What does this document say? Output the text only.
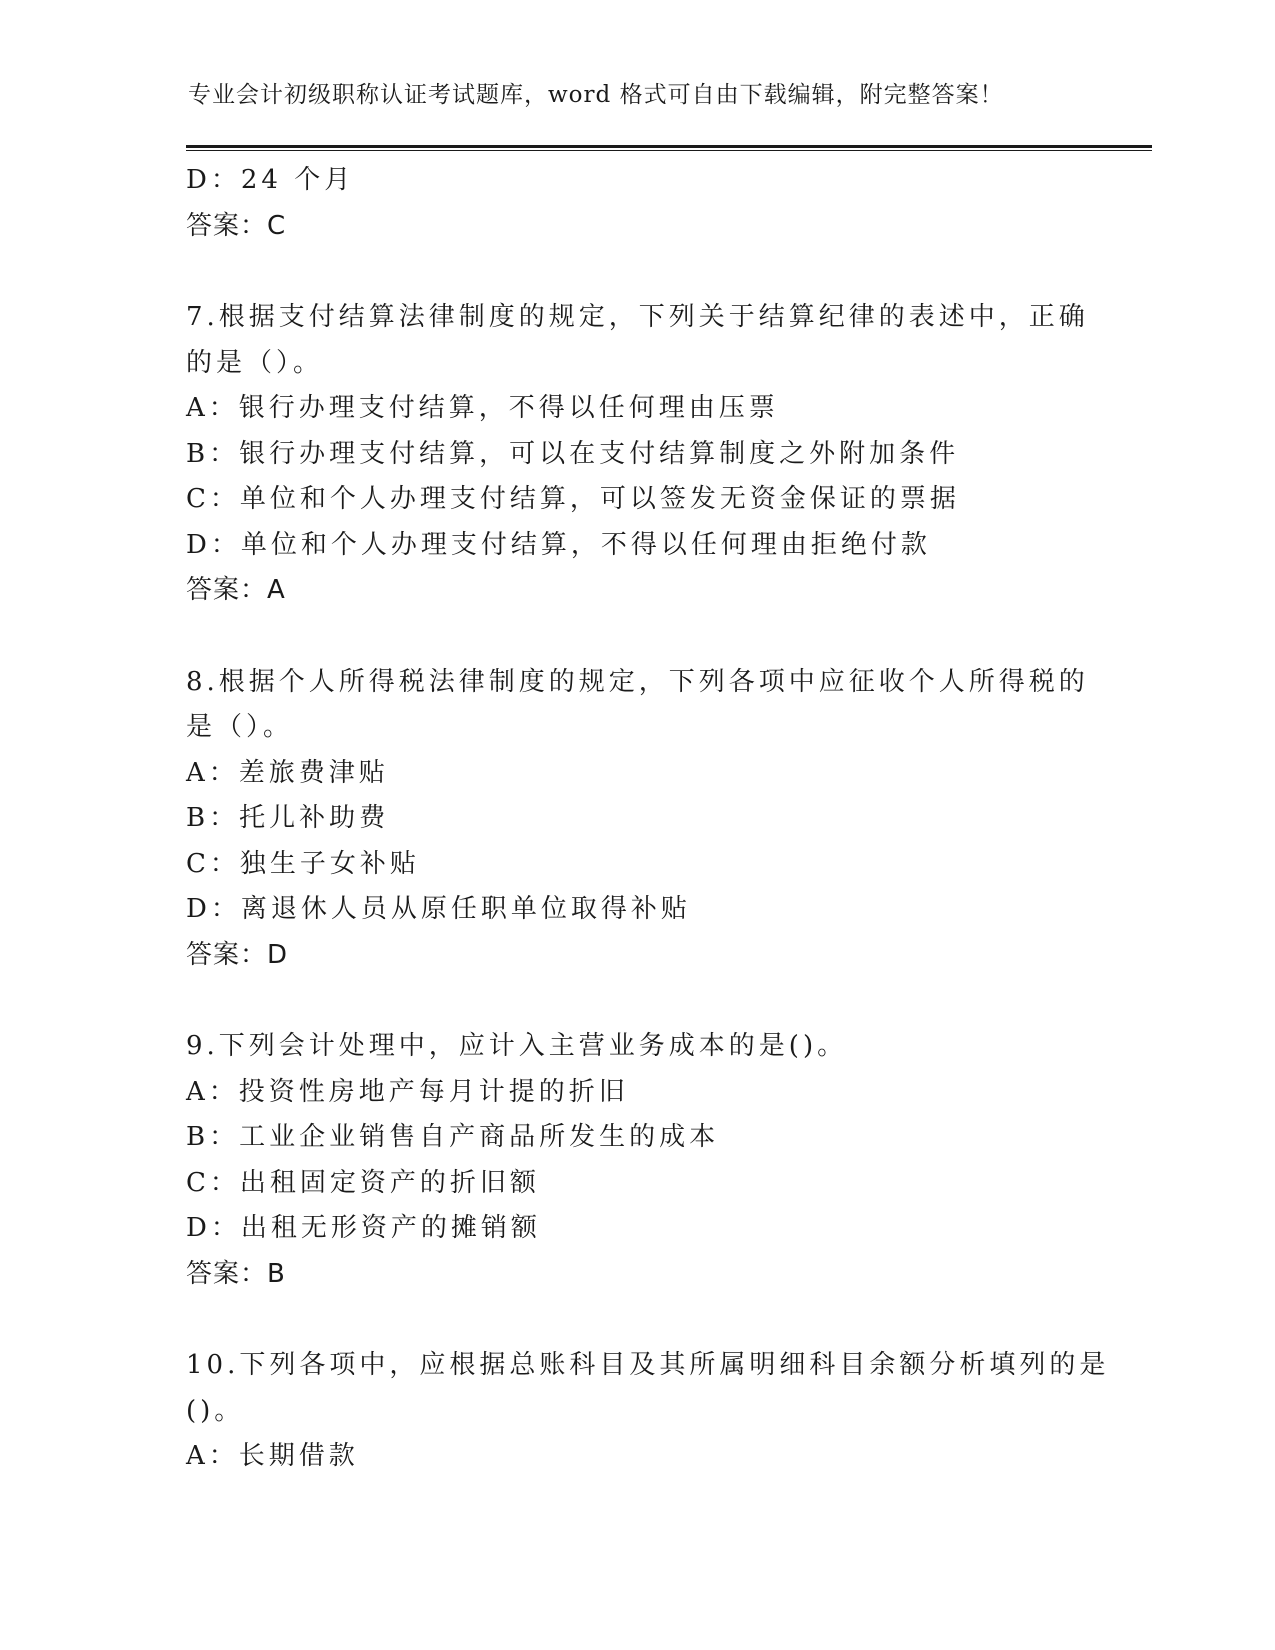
专业会计初级职称认证考试题库，word 格式可自由下载编辑，附完整答案！
D：24 个月
答案：C
7.根据支付结算法律制度的规定，下列关于结算纪律的表述中，正确
的是（）。
A：银行办理支付结算，不得以任何理由压票
B：银行办理支付结算，可以在支付结算制度之外附加条件
C：单位和个人办理支付结算，可以签发无资金保证的票据
D：单位和个人办理支付结算，不得以任何理由拒绝付款
答案：A
8.根据个人所得税法律制度的规定，下列各项中应征收个人所得税的
是（）。
A：差旅费津贴
B：托儿补助费
C：独生子女补贴
D：离退休人员从原任职单位取得补贴
答案：D
9.下列会计处理中，应计入主营业务成本的是()。
A：投资性房地产每月计提的折旧
B：工业企业销售自产商品所发生的成本
C：出租固定资产的折旧额
D：出租无形资产的摊销额
答案：B
10.下列各项中，应根据总账科目及其所属明细科目余额分析填列的是
()。
A：长期借款
